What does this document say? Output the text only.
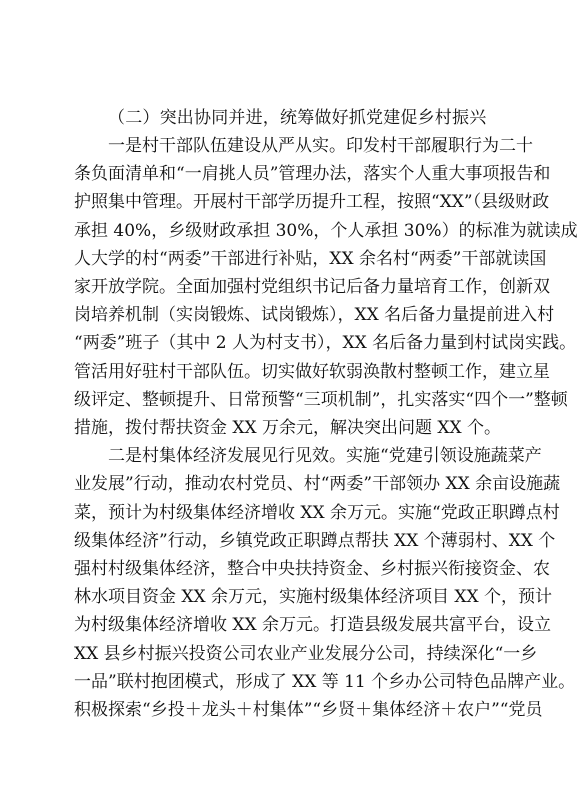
（二）突出协同并进，统筹做好抓党建促乡村振兴

一是村干部队伍建设从严从实。印发村干部履职行为二十
条负面清单和“一肩挑人员”管理办法，落实个人重大事项报告和
护照集中管理。开展村干部学历提升工程，按照“XX”（县级财政
承担 40%，乡级财政承担 30%，个人承担 30%）的标准为就读成
人大学的村“两委”干部进行补贴，XX 余名村“两委”干部就读国
家开放学院。全面加强村党组织书记后备力量培育工作，创新双
岗培养机制（实岗锻炼、试岗锻炼），XX 名后备力量提前进入村
“两委”班子（其中 2 人为村支书），XX 名后备力量到村试岗实践。
管活用好驻村干部队伍。切实做好软弱涣散村整顿工作，建立星
级评定、整顿提升、日常预警“三项机制”，扎实落实“四个一”整顿
措施，拨付帮扶资金 XX 万余元，解决突出问题 XX 个。
二是村集体经济发展见行见效。实施“党建引领设施蔬菜产
业发展”行动，推动农村党员、村“两委”干部领办 XX 余亩设施蔬
菜，预计为村级集体经济增收 XX 余万元。实施“党政正职蹲点村
级集体经济”行动，乡镇党政正职蹲点帮扶 XX 个薄弱村、XX 个
强村村级集体经济，整合中央扶持资金、乡村振兴衔接资金、农
林水项目资金 XX 余万元，实施村级集体经济项目 XX 个，预计
为村级集体经济增收 XX 余万元。打造县级发展共富平台，设立
XX 县乡村振兴投资公司农业产业发展分公司，持续深化“一乡
一品”联村抱团模式，形成了 XX 等 11 个乡办公司特色品牌产业。
积极探索“乡投＋龙头＋村集体”“乡贤＋集体经济＋农户”“党员
